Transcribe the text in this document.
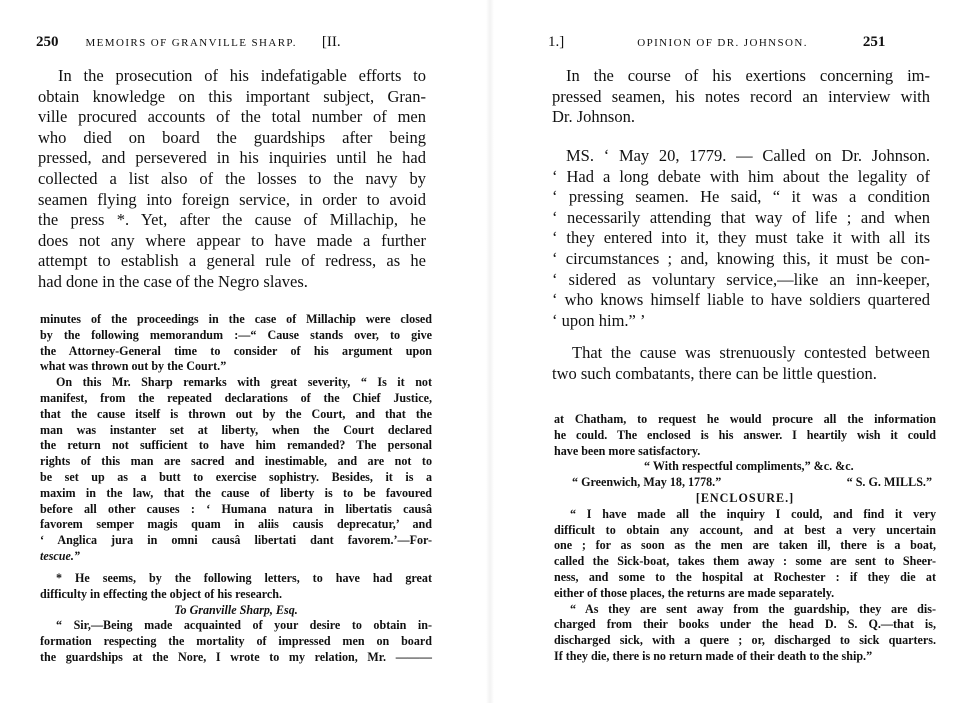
250 MEMOIRS OF GRANVILLE SHARP. [II.
In the prosecution of his indefatigable efforts to
obtain knowledge on this important subject, Gran-
ville procured accounts of the total number of men
who died on board the guardships after being
pressed, and persevered in his inquiries until he had
collected a list also of the losses to the navy by
seamen flying into foreign service, in order to avoid
the press *. Yet, after the cause of Millachip, he
does not any where appear to have made a further
attempt to establish a general rule of redress, as he
had done in the case of the Negro slaves.
minutes of the proceedings in the case of Millachip were closed
by the following memorandum :—“ Cause stands over, to give
the Attorney-General time to consider of his argument upon
what was thrown out by the Court.”
On this Mr. Sharp remarks with great severity, “ Is it not
manifest, from the repeated declarations of the Chief Justice,
that the cause itself is thrown out by the Court, and that the
man was instanter set at liberty, when the Court declared
the return not sufficient to have him remanded? The personal
rights of this man are sacred and inestimable, and are not to
be set up as a butt to exercise sophistry. Besides, it is a
maxim in the law, that the cause of liberty is to be favoured
before all other causes : ‘ Humana natura in libertatis causâ
favorem semper magis quam in aliis causis deprecatur,’ and
‘ Anglica jura in omni causâ libertati dant favorem.’—For-
tescue.”
* He seems, by the following letters, to have had great
difficulty in effecting the object of his research.
To Granville Sharp, Esq.
“ Sir,—Being made acquainted of your desire to obtain in-
formation respecting the mortality of impressed men on board
the guardships at the Nore, I wrote to my relation, Mr. ———
1.]	OPINION OF DR. JOHNSON.	251
In the course of his exertions concerning im-
pressed seamen, his notes record an interview with
Dr. Johnson.
MS. ‘ May 20, 1779. — Called on Dr. Johnson.
‘ Had a long debate with him about the legality of
‘ pressing seamen. He said, “ it was a condition
‘ necessarily attending that way of life ; and when
‘ they entered into it, they must take it with all its
‘ circumstances ; and, knowing this, it must be con-
‘ sidered as voluntary service,—like an inn-keeper,
‘ who knows himself liable to have soldiers quartered
‘ upon him.” ’
That the cause was strenuously contested between
two such combatants, there can be little question.
at Chatham, to request he would procure all the information
he could. The enclosed is his answer. I heartily wish it could
have been more satisfactory.
“ With respectful compliments,” &c. &c.
“ Greenwich, May 18, 1778.”	“ S. G. MILLS.”
[ENCLOSURE.]
“ I have made all the inquiry I could, and find it very
difficult to obtain any account, and at best a very uncertain
one ; for as soon as the men are taken ill, there is a boat,
called the Sick-boat, takes them away : some are sent to Sheer-
ness, and some to the hospital at Rochester : if they die at
either of those places, the returns are made separately.
“ As they are sent away from the guardship, they are dis-
charged from their books under the head D. S. Q.—that is,
discharged sick, with a quere ; or, discharged to sick quarters.
If they die, there is no return made of their death to the ship.”
